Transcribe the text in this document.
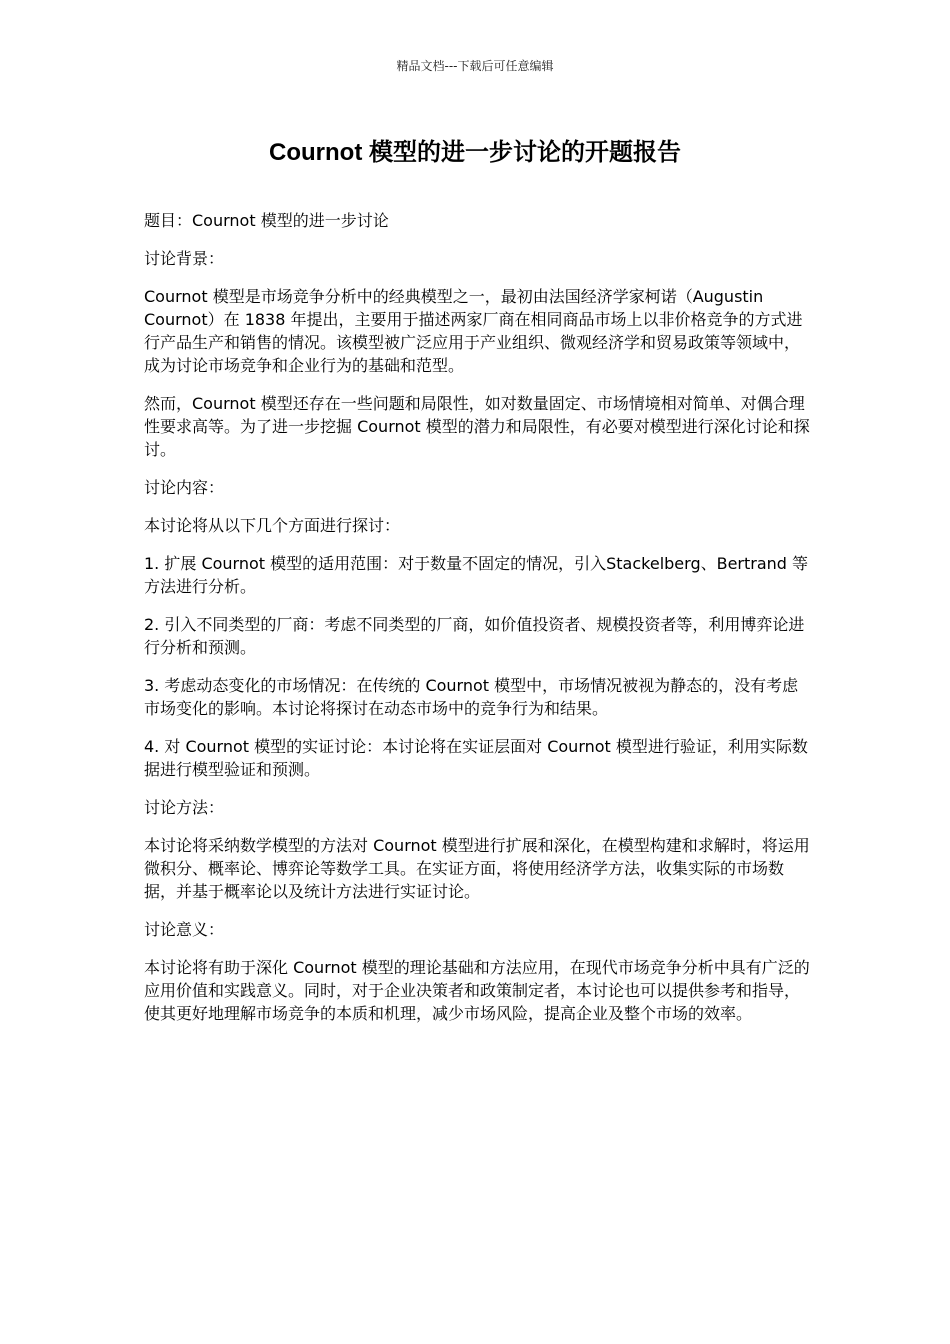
精品文档---下载后可任意编辑
Cournot 模型的进一步讨论的开题报告

题目：Cournot 模型的进一步讨论

讨论背景：

Cournot 模型是市场竞争分析中的经典模型之一，最初由法国经济学家柯诺（Augustin Cournot）在 1838 年提出，主要用于描述两家厂商在相同商品市场上以非价格竞争的方式进行产品生产和销售的情况。该模型被广泛应用于产业组织、微观经济学和贸易政策等领域中，成为讨论市场竞争和企业行为的基础和范型。

然而，Cournot 模型还存在一些问题和局限性，如对数量固定、市场情境相对简单、对偶合理性要求高等。为了进一步挖掘 Cournot 模型的潜力和局限性，有必要对模型进行深化讨论和探讨。

讨论内容：

本讨论将从以下几个方面进行探讨：

1. 扩展 Cournot 模型的适用范围：对于数量不固定的情况，引入Stackelberg、Bertrand 等方法进行分析。

2. 引入不同类型的厂商：考虑不同类型的厂商，如价值投资者、规模投资者等，利用博弈论进行分析和预测。

3. 考虑动态变化的市场情况：在传统的 Cournot 模型中，市场情况被视为静态的，没有考虑市场变化的影响。本讨论将探讨在动态市场中的竞争行为和结果。

4. 对 Cournot 模型的实证讨论：本讨论将在实证层面对 Cournot 模型进行验证，利用实际数据进行模型验证和预测。

讨论方法：

本讨论将采纳数学模型的方法对 Cournot 模型进行扩展和深化，在模型构建和求解时，将运用微积分、概率论、博弈论等数学工具。在实证方面，将使用经济学方法，收集实际的市场数据，并基于概率论以及统计方法进行实证讨论。

讨论意义：

本讨论将有助于深化 Cournot 模型的理论基础和方法应用，在现代市场竞争分析中具有广泛的应用价值和实践意义。同时，对于企业决策者和政策制定者，本讨论也可以提供参考和指导，使其更好地理解市场竞争的本质和机理，减少市场风险，提高企业及整个市场的效率。
